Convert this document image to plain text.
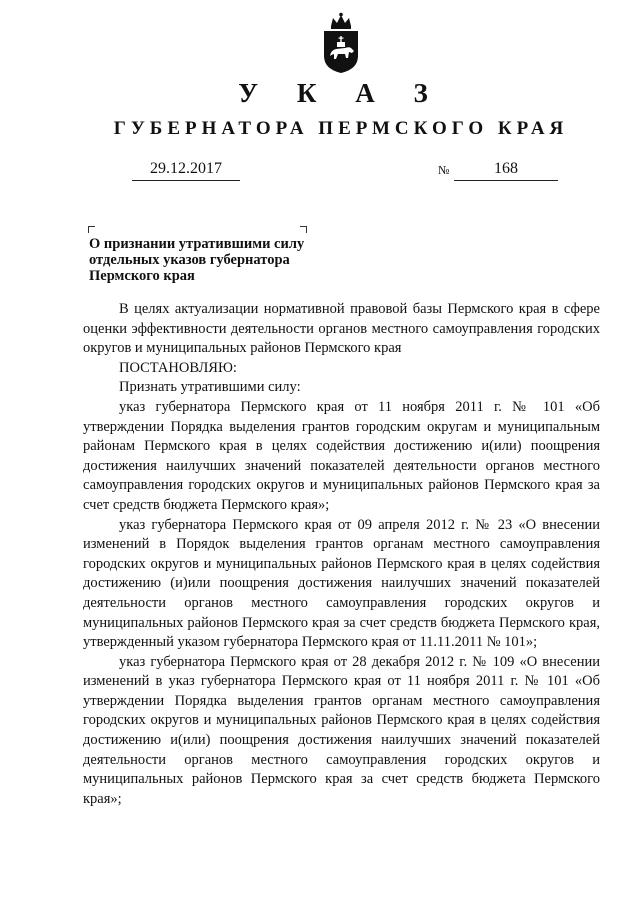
У К А З
ГУБЕРНАТОРА ПЕРМСКОГО КРАЯ
29.12.2017	№	168
О признании утратившими силу отдельных указов губернатора Пермского края

В целях актуализации нормативной правовой базы Пермского края в сфере оценки эффективности деятельности органов местного самоуправления городских округов и муниципальных районов Пермского края

ПОСТАНОВЛЯЮ:

Признать утратившими силу:

указ губернатора Пермского края от 11 ноября 2011 г. № 101 «Об утверждении Порядка выделения грантов городским округам и муниципальным районам Пермского края в целях содействия достижению и(или) поощрения достижения наилучших значений показателей деятельности органов местного самоуправления городских округов и муниципальных районов Пермского края за счет средств бюджета Пермского края»;

указ губернатора Пермского края от 09 апреля 2012 г. № 23 «О внесении изменений в Порядок выделения грантов органам местного самоуправления городских округов и муниципальных районов Пермского края в целях содействия достижению (и)или поощрения достижения наилучших значений показателей деятельности органов местного самоуправления городских округов и муниципальных районов Пермского края за счет средств бюджета Пермского края, утвержденный указом губернатора Пермского края от 11.11.2011 № 101»;

указ губернатора Пермского края от 28 декабря 2012 г. № 109 «О внесении изменений в указ губернатора Пермского края от 11 ноября 2011 г. № 101 «Об утверждении Порядка выделения грантов органам местного самоуправления городских округов и муниципальных районов Пермского края в целях содействия достижению и(или) поощрения достижения наилучших значений показателей деятельности органов местного самоуправления городских округов и муниципальных районов Пермского края за счет средств бюджета Пермского края»;
